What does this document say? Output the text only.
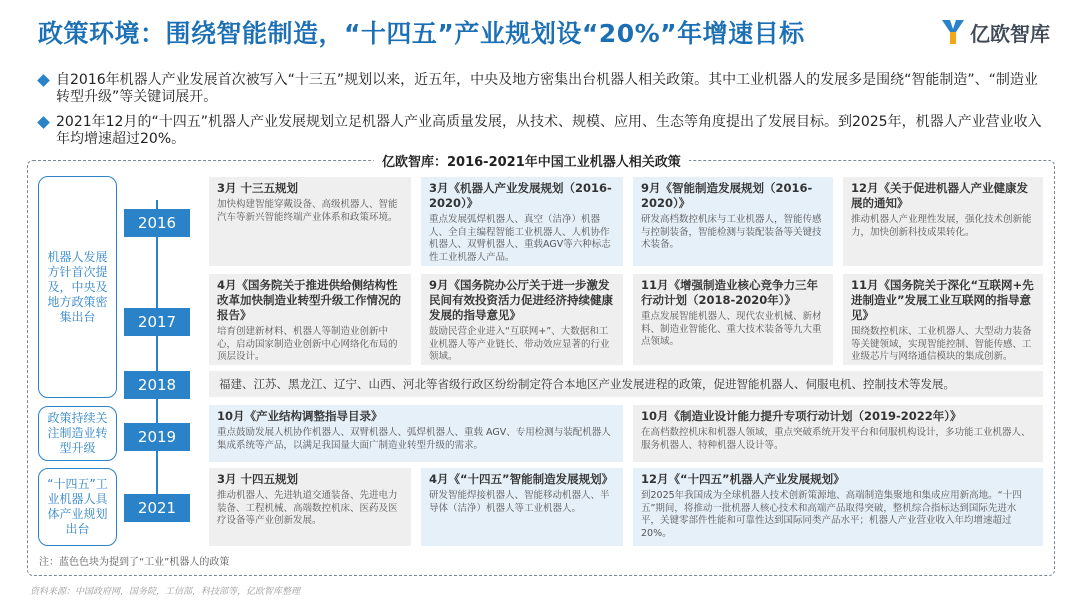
政策环境：围绕智能制造，“十四五”产业规划设“20%”年增速目标	亿欧智库
自2016年机器人产业发展首次被写入“十三五”规划以来，近五年，中央及地方密集出台机器人相关政策。其中工业机器人的发展多是围绕“智能制造”、“制造业转型升级”等关键词展开。
2021年12月的“十四五”机器人产业发展规划立足机器人产业高质量发展，从技术、规模、应用、生态等角度提出了发展目标。到2025年，机器人产业营业收入年均增速超过20%。
亿欧智库：2016-2021年中国工业机器人相关政策
机器人发展方针首次提及，中央及地方政策密集出台
政策持续关注制造业转型升级
“十四五”工业机器人具体产业规划出台
2016
2017
2018
2019
2021
3月 十三五规划
加快构建智能穿戴设备、高级机器人、智能汽车等新兴智能终端产业体系和政策环境。
3月《机器人产业发展规划（2016-2020）》
重点发展弧焊机器人、真空（洁净）机器人、全自主编程智能工业机器人、人机协作机器人、双臂机器人、重载AGV等六种标志性工业机器人产品。
9月《智能制造发展规划（2016-2020）》
研发高档数控机床与工业机器人，智能传感与控制装备，智能检测与装配装备等关键技术装备。
12月《关于促进机器人产业健康发展的通知》
推动机器人产业理性发展，强化技术创新能力，加快创新科技成果转化。
4月《国务院关于推进供给侧结构性改革加快制造业转型升级工作情况的报告》
培育创建新材料、机器人等制造业创新中心，启动国家制造业创新中心网络化布局的顶层设计。
9月《国务院办公厅关于进一步激发民间有效投资活力促进经济持续健康发展的指导意见》
鼓励民营企业进入“互联网+”、大数据和工业机器人等产业链长、带动效应显著的行业领域。
11月《增强制造业核心竞争力三年行动计划（2018-2020年）》
重点发展智能机器人、现代农业机械、新材料、制造业智能化、重大技术装备等九大重点领域。
11月《国务院关于深化“互联网+先进制造业”发展工业互联网的指导意见》
围绕数控机床、工业机器人、大型动力装备等关键领域，实现智能控制、智能传感、工业级芯片与网络通信模块的集成创新。
福建、江苏、黑龙江、辽宁、山西、河北等省级行政区纷纷制定符合本地区产业发展进程的政策，促进智能机器人、伺服电机、控制技术等发展。
10月《产业结构调整指导目录》
重点鼓励发展人机协作机器人、双臂机器人、弧焊机器人、重载 AGV、专用检测与装配机器人集成系统等产品，以满足我国量大面广制造业转型升级的需求。
10月《制造业设计能力提升专项行动计划（2019-2022年）》
在高档数控机床和机器人领域，重点突破系统开发平台和伺服机构设计，多功能工业机器人、服务机器人、特种机器人设计等。
3月 十四五规划
推动机器人、先进轨道交通装备、先进电力装备、工程机械、高端数控机床、医药及医疗设备等产业创新发展。
4月《“十四五”智能制造发展规划》
研发智能焊接机器人、智能移动机器人、半导体（洁净）机器人等工业机器人。
12月《“十四五”机器人产业发展规划》
到2025年我国成为全球机器人技术创新策源地、高端制造集聚地和集成应用新高地。“十四五”期间，将推动一批机器人核心技术和高端产品取得突破，整机综合指标达到国际先进水平，关键零部件性能和可靠性达到国际同类产品水平；机器人产业营业收入年均增速超过20%。
注：蓝色色块为提到了“工业”机器人的政策
资料来源：中国政府网，国务院，工信部，科技部等，亿欧智库整理
